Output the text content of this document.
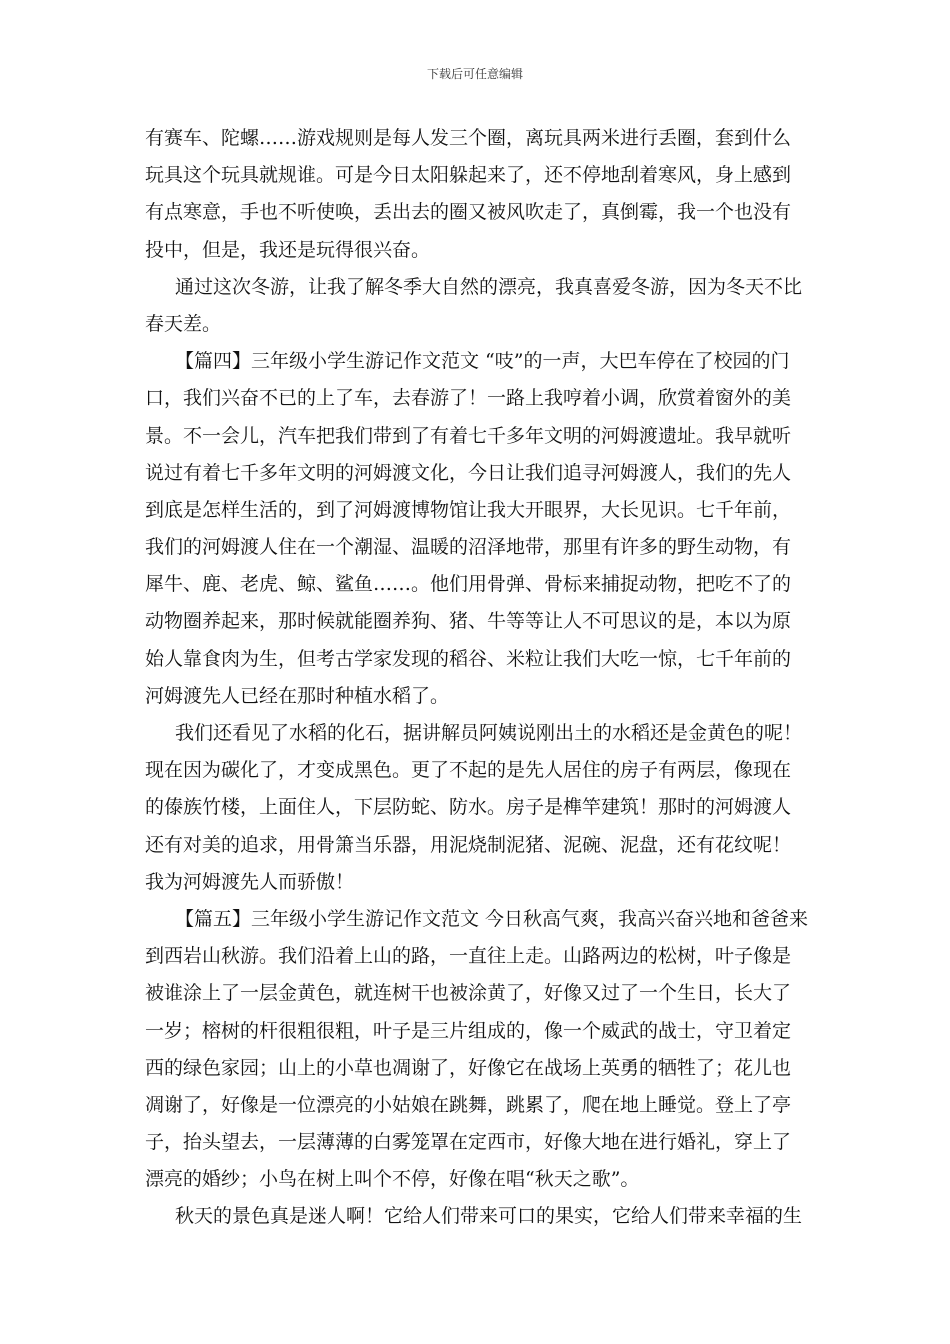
下载后可任意编辑
有赛车、陀螺……游戏规则是每人发三个圈，离玩具两米进行丢圈，套到什么
玩具这个玩具就规谁。可是今日太阳躲起来了，还不停地刮着寒风，身上感到
有点寒意，手也不听使唤，丢出去的圈又被风吹走了，真倒霉，我一个也没有
投中，但是，我还是玩得很兴奋。
通过这次冬游，让我了解冬季大自然的漂亮，我真喜爱冬游，因为冬天不比
春天差。
【篇四】三年级小学生游记作文范文 “吱”的一声，大巴车停在了校园的门
口，我们兴奋不已的上了车，去春游了！一路上我哼着小调，欣赏着窗外的美
景。不一会儿，汽车把我们带到了有着七千多年文明的河姆渡遗址。我早就听
说过有着七千多年文明的河姆渡文化，今日让我们追寻河姆渡人，我们的先人
到底是怎样生活的，到了河姆渡博物馆让我大开眼界，大长见识。七千年前，
我们的河姆渡人住在一个潮湿、温暖的沼泽地带，那里有许多的野生动物，有
犀牛、鹿、老虎、鲸、鲨鱼……。他们用骨弹、骨标来捕捉动物，把吃不了的
动物圈养起来，那时候就能圈养狗、猪、牛等等让人不可思议的是，本以为原
始人靠食肉为生，但考古学家发现的稻谷、米粒让我们大吃一惊，七千年前的
河姆渡先人已经在那时种植水稻了。
我们还看见了水稻的化石，据讲解员阿姨说刚出土的水稻还是金黄色的呢！
现在因为碳化了，才变成黑色。更了不起的是先人居住的房子有两层，像现在
的傣族竹楼，上面住人，下层防蛇、防水。房子是榫竿建筑！那时的河姆渡人
还有对美的追求，用骨箫当乐器，用泥烧制泥猪、泥碗、泥盘，还有花纹呢！
我为河姆渡先人而骄傲！
【篇五】三年级小学生游记作文范文 今日秋高气爽，我高兴奋兴地和爸爸来
到西岩山秋游。我们沿着上山的路，一直往上走。山路两边的松树，叶子像是
被谁涂上了一层金黄色，就连树干也被涂黄了，好像又过了一个生日，长大了
一岁；榕树的杆很粗很粗，叶子是三片组成的，像一个威武的战士，守卫着定
西的绿色家园；山上的小草也凋谢了，好像它在战场上英勇的牺牲了；花儿也
凋谢了，好像是一位漂亮的小姑娘在跳舞，跳累了，爬在地上睡觉。登上了亭
子，抬头望去，一层薄薄的白雾笼罩在定西市，好像大地在进行婚礼，穿上了
漂亮的婚纱；小鸟在树上叫个不停，好像在唱“秋天之歌”。
秋天的景色真是迷人啊！它给人们带来可口的果实，它给人们带来幸福的生
